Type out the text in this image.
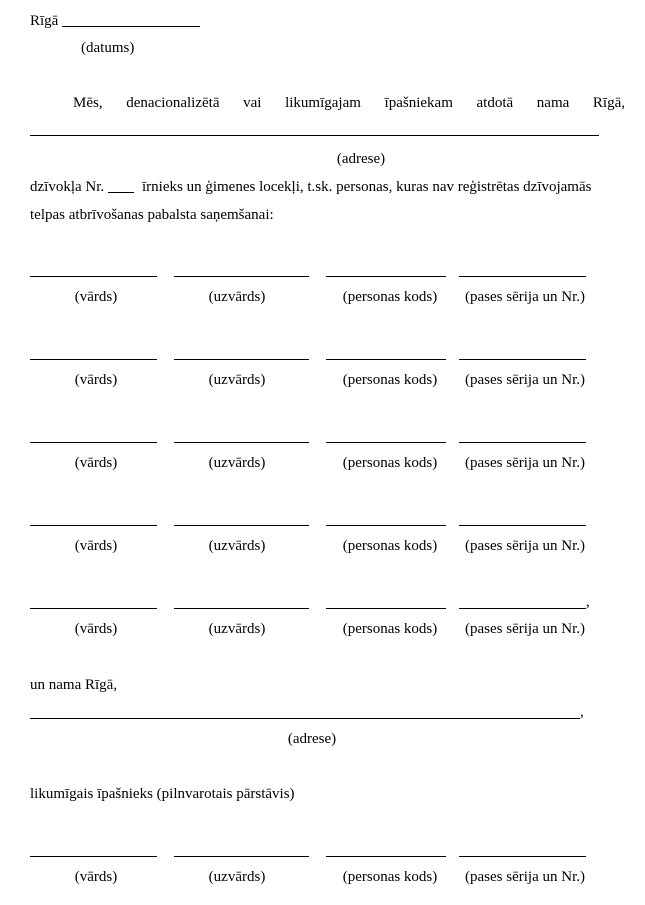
Rīgā
(datums)
Mēs, denacionalizētā vai likumīgajam īpašniekam atdotā nama Rīgā,
(adrese)
dzīvokļa Nr.	īrnieks un ģimenes locekļi, t.sk. personas, kuras nav reģistrētas dzīvojamās
telpas atbrīvošanas pabalsta saņemšanai:
(vārds)	(uzvārds)	(personas kods)	(pases sērija un Nr.)
(vārds)	(uzvārds)	(personas kods)	(pases sērija un Nr.)
(vārds)	(uzvārds)	(personas kods)	(pases sērija un Nr.)
(vārds)	(uzvārds)	(personas kods)	(pases sērija un Nr.)
,
(vārds)	(uzvārds)	(personas kods)	(pases sērija un Nr.)
un nama Rīgā,
,
(adrese)
likumīgais īpašnieks (pilnvarotais pārstāvis)
(vārds)	(uzvārds)	(personas kods)	(pases sērija un Nr.)
